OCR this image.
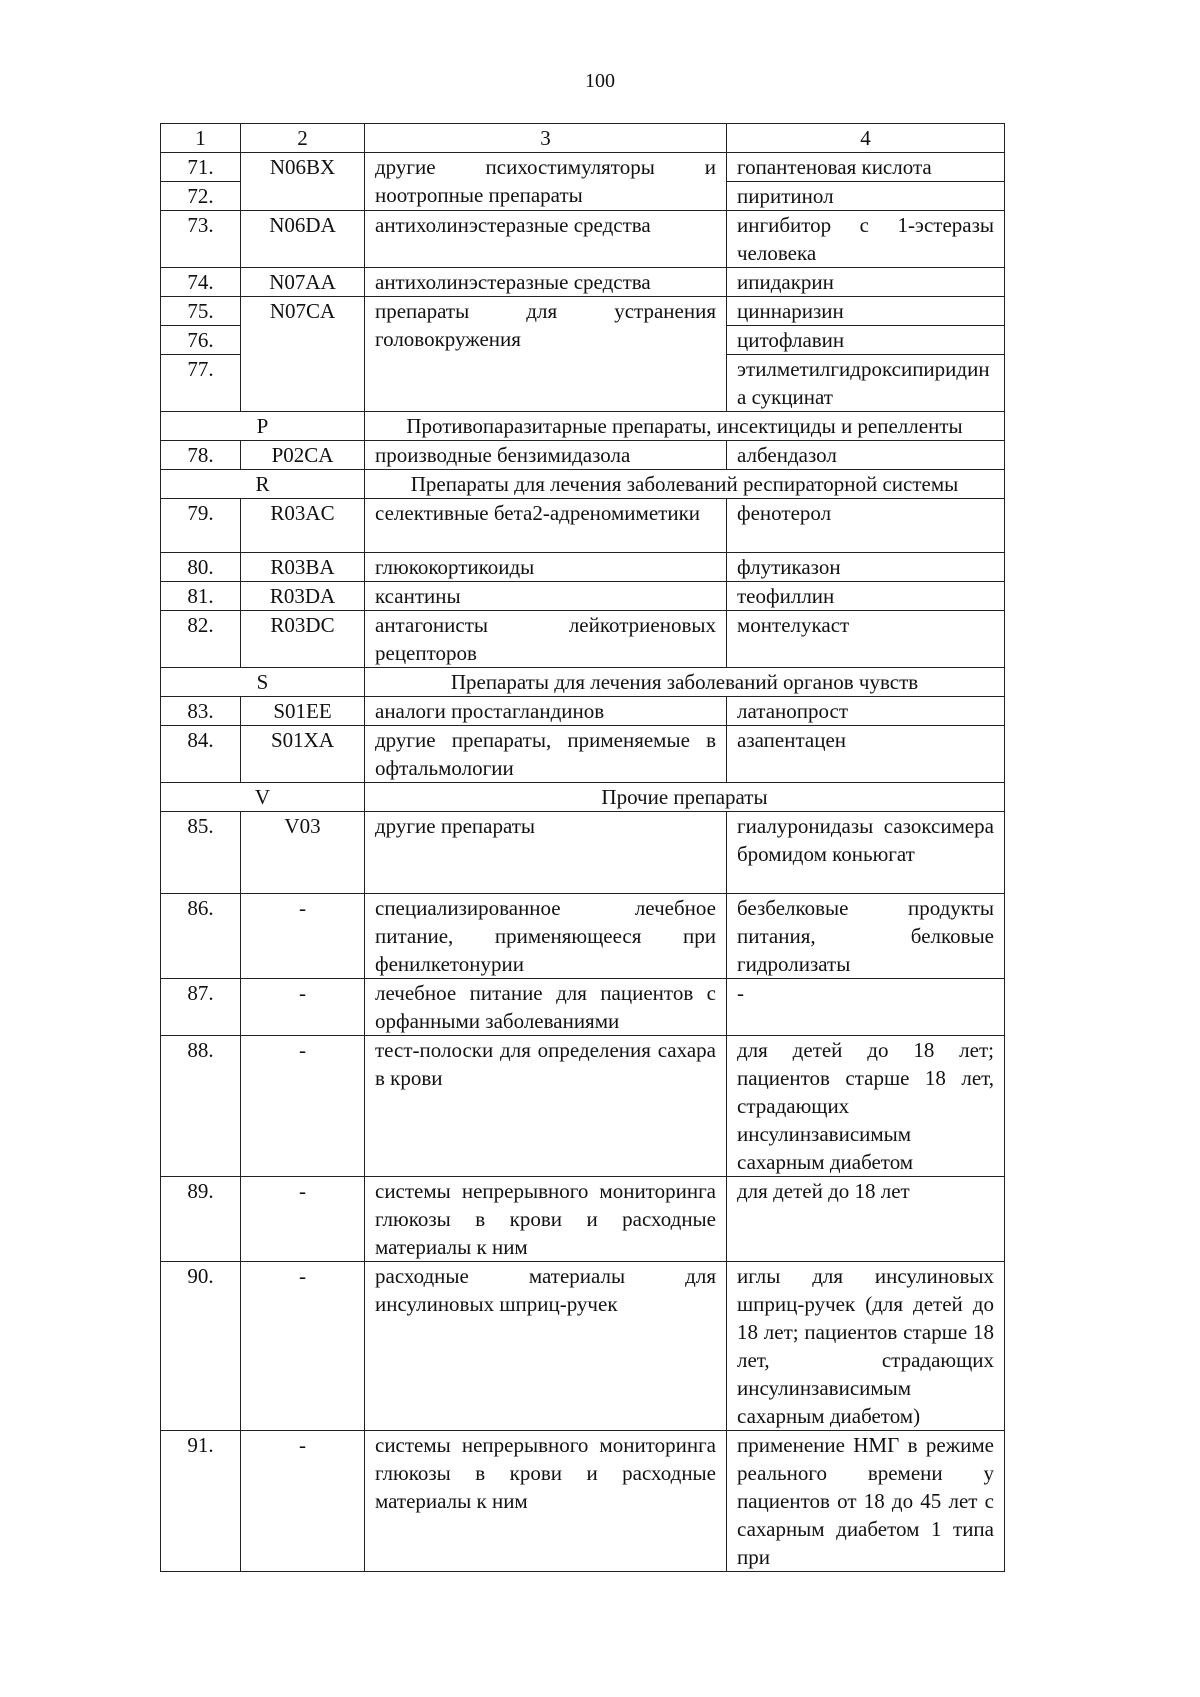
100
1	2	3	4
71.	N06BX	другие психостимуляторы и ноотропные препараты	гопантеновая кислота
72.			пиритинол
73.	N06DA	антихолинэстеразные средства	ингибитор с 1-эстеразы человека
74.	N07AA	антихолинэстеразные средства	ипидакрин
75.	N07CA	препараты для устранения головокружения	циннаризин
76.			цитофлавин
77.			этилметилгидроксипиридина сукцинат
P		Противопаразитарные препараты, инсектициды и репелленты	
78.	P02CA	производные бензимидазола	албендазол
R		Препараты для лечения заболеваний респираторной системы	
79.	R03AC	селективные бета2-адреномиметики	фенотерол
80.	R03BA	глюкокортикоиды	флутиказон
81.	R03DA	ксантины	теофиллин
82.	R03DC	антагонисты лейкотриеновых рецепторов	монтелукаст
S		Препараты для лечения заболеваний органов чувств	
83.	S01EE	аналоги простагландинов	латанопрост
84.	S01XA	другие препараты, применяемые в офтальмологии	азапентацен
V		Прочие препараты	
85.	V03	другие препараты	гиалуронидазы сазоксимера бромидом коньюгат
86.	-	специализированное лечебное питание, применяющееся при фенилкетонурии	безбелковые продукты питания, белковые гидролизаты
87.	-	лечебное питание для пациентов с орфанными заболеваниями	-
88.	-	тест-полоски для определения сахара в крови	для детей до 18 лет; пациентов старше 18 лет, страдающих инсулинзависимым сахарным диабетом
89.	-	системы непрерывного мониторинга глюкозы в крови и расходные материалы к ним	для детей до 18 лет
90.	-	расходные материалы для инсулиновых шприц-ручек	иглы для инсулиновых шприц-ручек (для детей до 18 лет; пациентов старше 18 лет, страдающих инсулинзависимым сахарным диабетом)
91.	-	системы непрерывного мониторинга глюкозы в крови и расходные материалы к ним	применение НМГ в режиме реального времени у пациентов от 18 до 45 лет с сахарным диабетом 1 типа при
